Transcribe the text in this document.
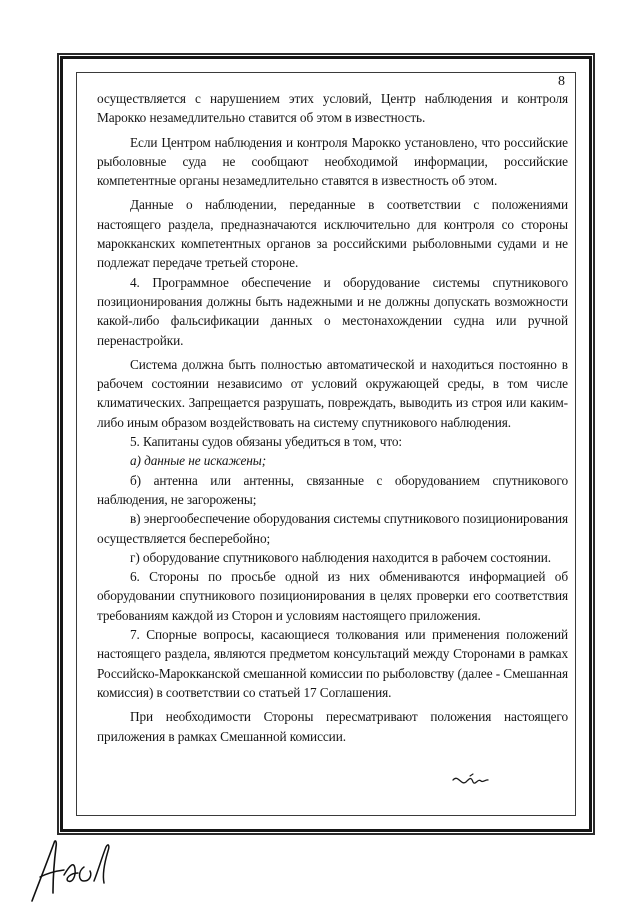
8

осуществляется с нарушением этих условий, Центр наблюдения и контроля Марокко незамедлительно ставится об этом в известность.

Если Центром наблюдения и контроля Марокко установлено, что российские рыболовные суда не сообщают необходимой информации, российские компетентные органы незамедлительно ставятся в известность об этом.

Данные о наблюдении, переданные в соответствии с положениями настоящего раздела, предназначаются исключительно для контроля со стороны марокканских компетентных органов за российскими рыболовными судами и не подлежат передаче третьей стороне.

4. Программное обеспечение и оборудование системы спутникового позиционирования должны быть надежными и не должны допускать возможности какой-либо фальсификации данных о местонахождении судна или ручной перенастройки.

Система должна быть полностью автоматической и находиться постоянно в рабочем состоянии независимо от условий окружающей среды, в том числе климатических. Запрещается разрушать, повреждать, выводить из строя или каким-либо иным образом воздействовать на систему спутникового наблюдения.

5. Капитаны судов обязаны убедиться в том, что:

а) данные не искажены;

б) антенна или антенны, связанные с оборудованием спутникового наблюдения, не загорожены;

в) энергообеспечение оборудования системы спутникового позиционирования осуществляется бесперебойно;

г) оборудование спутникового наблюдения находится в рабочем состоянии.

6. Стороны по просьбе одной из них обмениваются информацией об оборудовании спутникового позиционирования в целях проверки его соответствия требованиям каждой из Сторон и условиям настоящего приложения.

7. Спорные вопросы, касающиеся толкования или применения положений настоящего раздела, являются предметом консультаций между Сторонами в рамках Российско-Марокканской смешанной комиссии по рыболовству (далее - Смешанная комиссия) в соответствии со статьей 17 Соглашения.

При необходимости Стороны пересматривают положения настоящего приложения в рамках Смешанной комиссии.
